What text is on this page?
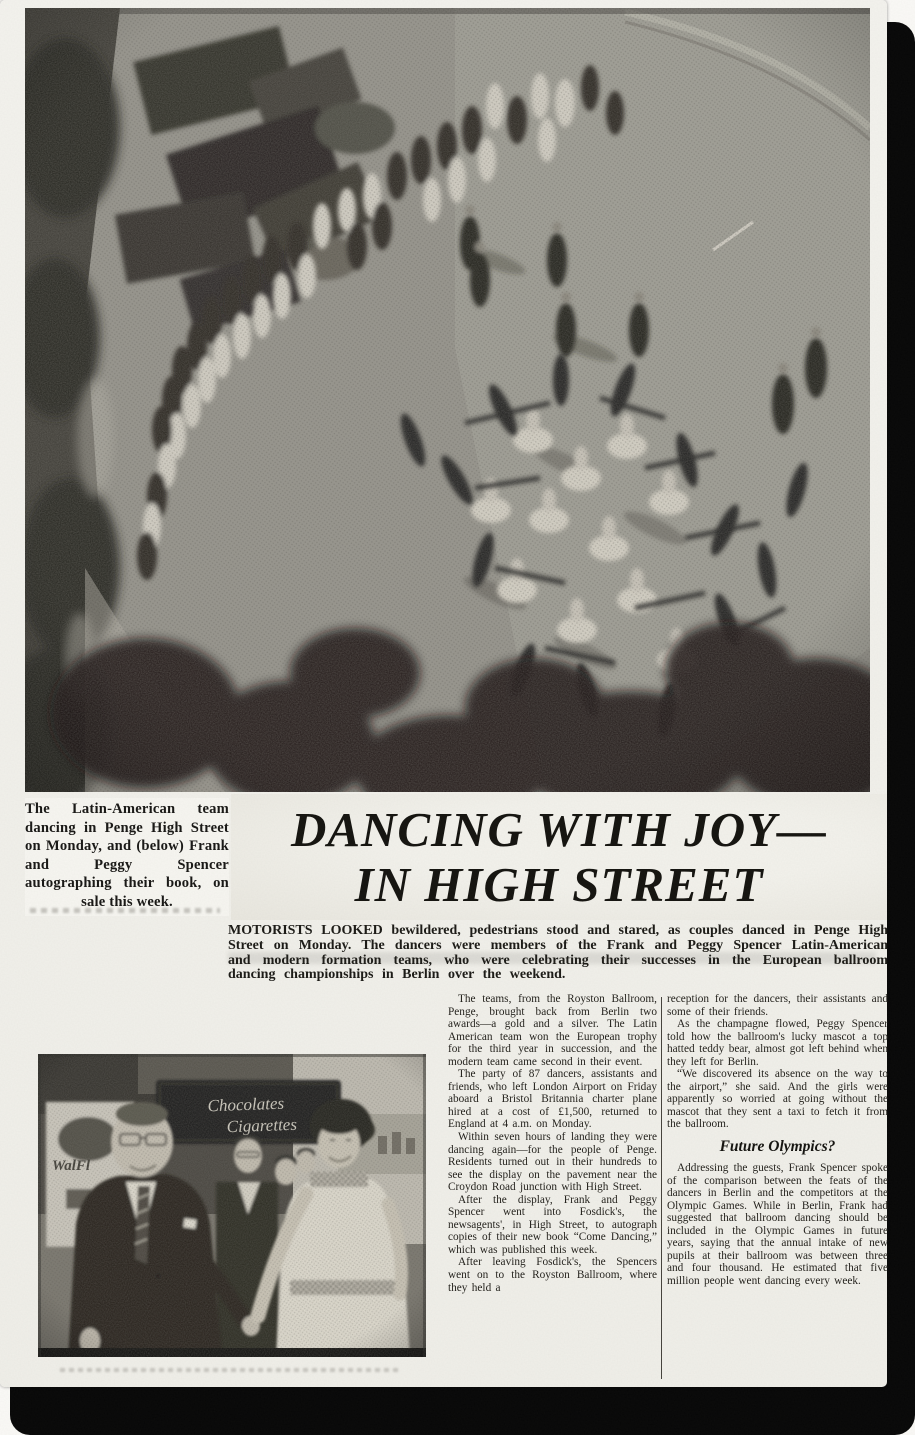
The Latin-American team dancing in Penge High Street on Monday, and (below) Frank and Peggy Spencer autographing their book, on sale this week.

DANCING WITH JOY—
IN HIGH STREET

MOTORISTS LOOKED bewildered, pedestrians stood and stared, as couples danced in Penge High Street on Monday. The dancers were members of the Frank and Peggy Spencer Latin-American and modern formation teams, who were celebrating their successes in the European ballroom dancing championships in Berlin over the weekend.

The teams, from the Royston Ballroom, Penge, brought back from Berlin two awards—a gold and a silver. The Latin American team won the European trophy for the third year in succession, and the modern team came second in their event.

The party of 87 dancers, assistants and friends, who left London Airport on Friday aboard a Bristol Britannia charter plane hired at a cost of £1,500, returned to England at 4 a.m. on Monday.

Within seven hours of landing they were dancing again—for the people of Penge. Residents turned out in their hundreds to see the display on the pavement near the Croydon Road junction with High Street.

After the display, Frank and Peggy Spencer went into Fosdick's, the newsagents', in High Street, to autograph copies of their new book “Come Dancing,” which was published this week.

After leaving Fosdick's, the Spencers went on to the Royston Ballroom, where they held a

reception for the dancers, their assistants and some of their friends.

As the champagne flowed, Peggy Spencer told how the ballroom's lucky mascot a top hatted teddy bear, almost got left behind when they left for Berlin.

“We discovered its absence on the way to the airport,” she said. And the girls were apparently so worried at going without the mascot that they sent a taxi to fetch it from the ballroom.

Future Olympics?

Addressing the guests, Frank Spencer spoke of the comparison between the feats of the dancers in Berlin and the competitors at the Olympic Games. While in Berlin, Frank had suggested that ballroom dancing should be included in the Olympic Games in future years, saying that the annual intake of new pupils at their ballroom was between three and four thousand. He estimated that five million people went dancing every week.
